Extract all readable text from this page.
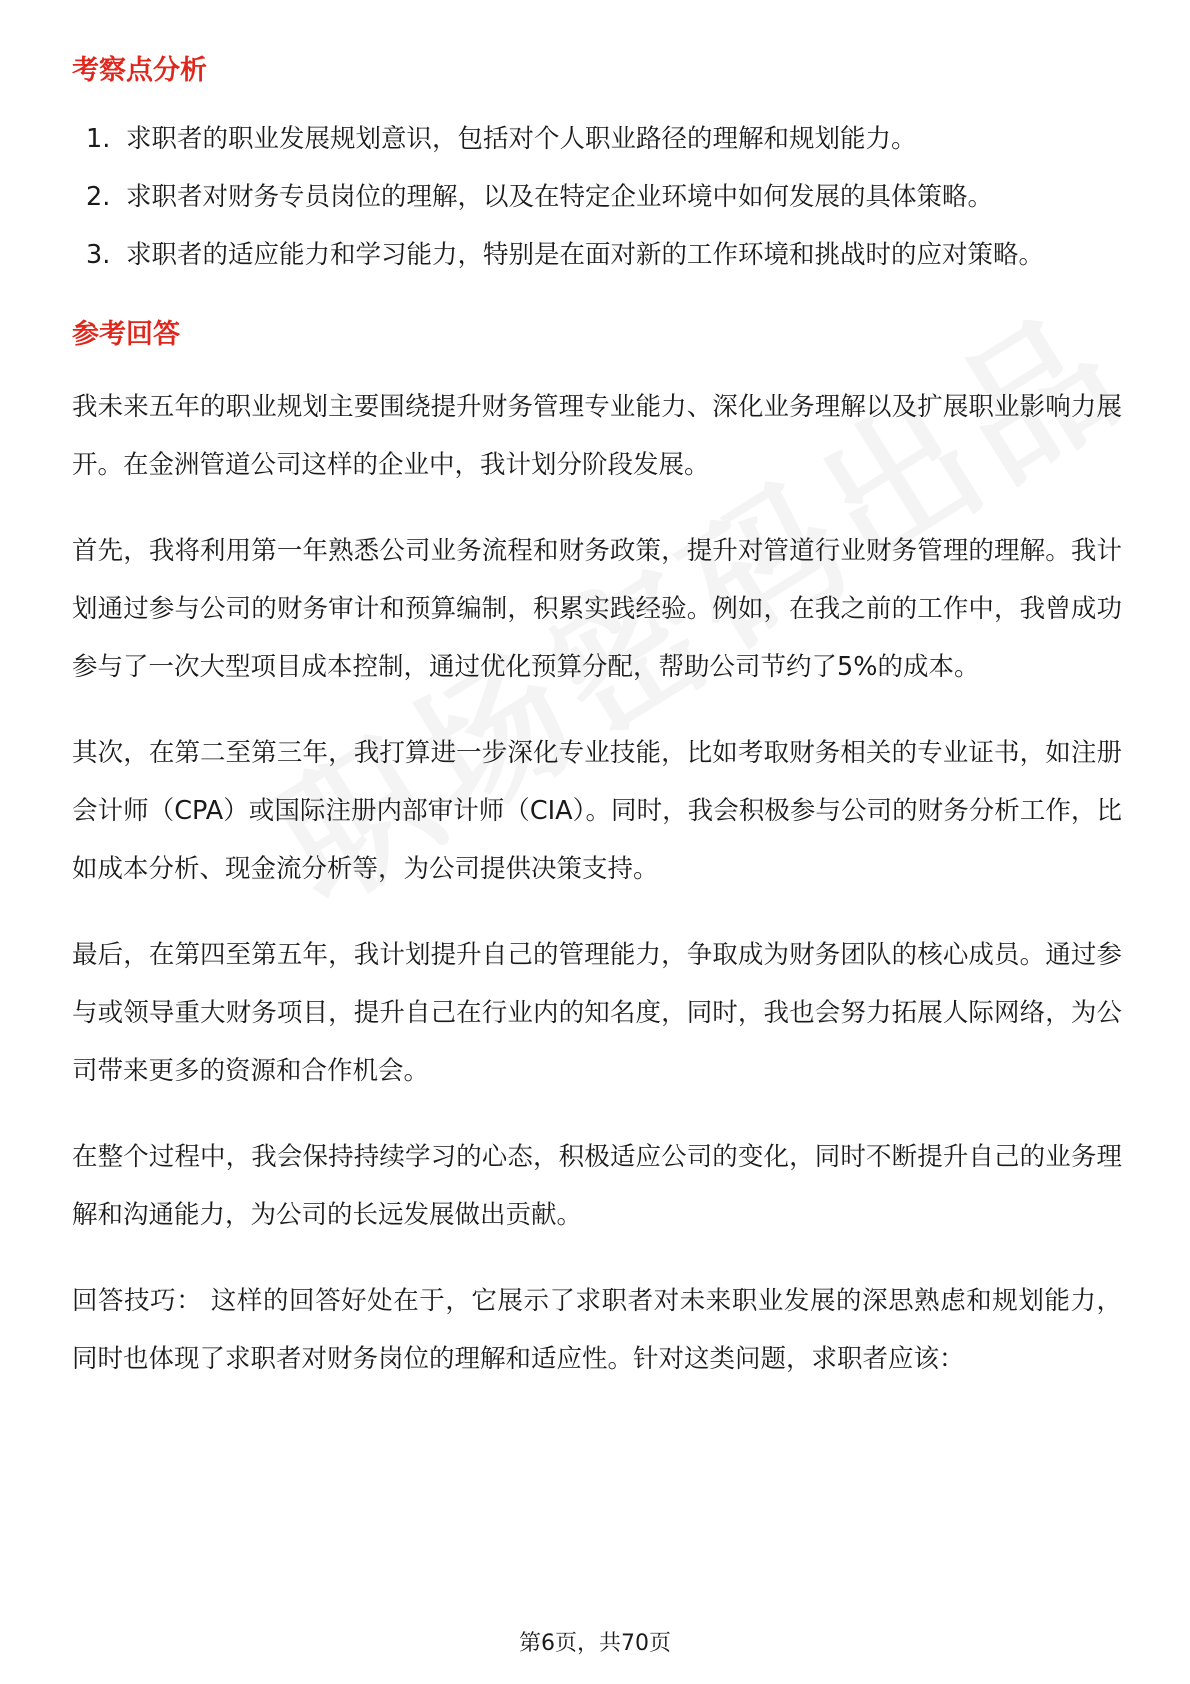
考察点分析
1. 求职者的职业发展规划意识，包括对个人职业路径的理解和规划能力。
2. 求职者对财务专员岗位的理解，以及在特定企业环境中如何发展的具体策略。
3. 求职者的适应能力和学习能力，特别是在面对新的工作环境和挑战时的应对策略。
参考回答

我未来五年的职业规划主要围绕提升财务管理专业能力、深化业务理解以及扩展职业影响力展开。在金洲管道公司这样的企业中，我计划分阶段发展。

首先，我将利用第一年熟悉公司业务流程和财务政策，提升对管道行业财务管理的理解。我计划通过参与公司的财务审计和预算编制，积累实践经验。例如，在我之前的工作中，我曾成功参与了一次大型项目成本控制，通过优化预算分配，帮助公司节约了5%的成本。

其次，在第二至第三年，我打算进一步深化专业技能，比如考取财务相关的专业证书，如注册会计师（CPA）或国际注册内部审计师（CIA）。同时，我会积极参与公司的财务分析工作，比如成本分析、现金流分析等，为公司提供决策支持。

最后，在第四至第五年，我计划提升自己的管理能力，争取成为财务团队的核心成员。通过参与或领导重大财务项目，提升自己在行业内的知名度，同时，我也会努力拓展人际网络，为公司带来更多的资源和合作机会。

在整个过程中，我会保持持续学习的心态，积极适应公司的变化，同时不断提升自己的业务理解和沟通能力，为公司的长远发展做出贡献。

回答技巧： 这样的回答好处在于，它展示了求职者对未来职业发展的深思熟虑和规划能力，同时也体现了求职者对财务岗位的理解和适应性。针对这类问题，求职者应该：

第6页，共70页
